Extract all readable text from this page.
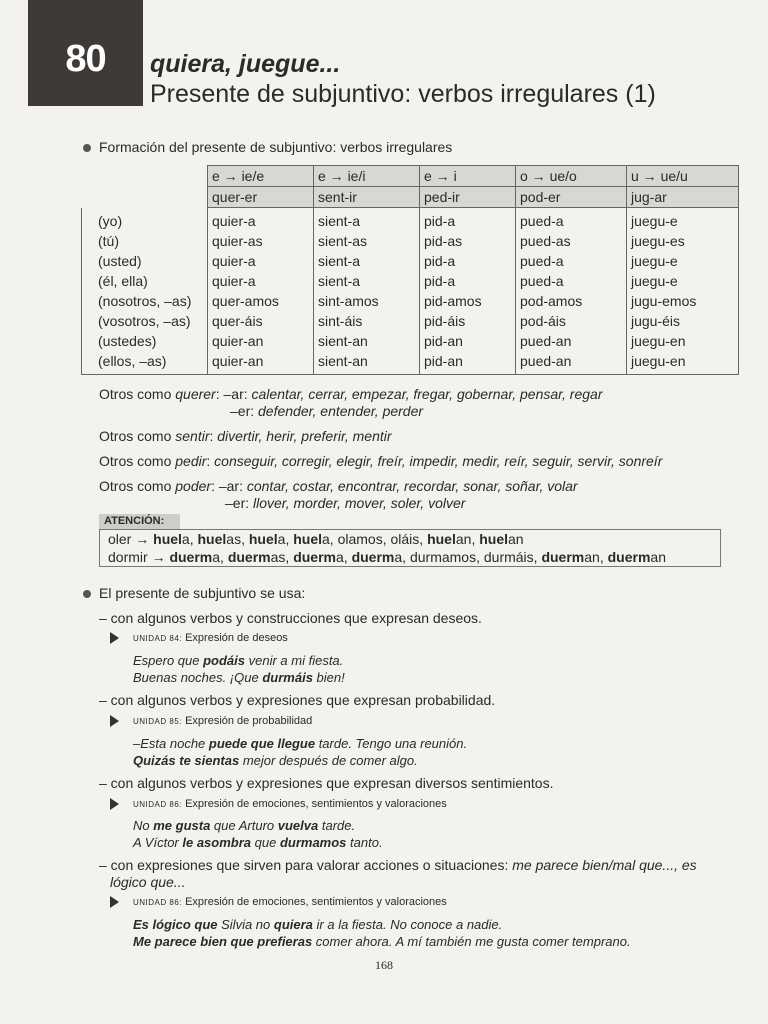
80	quiera, juegue...
Presente de subjuntivo: verbos irregulares (1)
Formación del presente de subjuntivo: verbos irregulares
	e → ie/e	e → ie/i	e → i	o → ue/o	u → ue/u
	quer-er	sent-ir	ped-ir	pod-er	jug-ar
(yo)	quier-a	sient-a	pid-a	pued-a	juegu-e
(tú)	quier-as	sient-as	pid-as	pued-as	juegu-es
(usted)	quier-a	sient-a	pid-a	pued-a	juegu-e
(él, ella)	quier-a	sient-a	pid-a	pued-a	juegu-e
(nosotros, –as)	quer-amos	sint-amos	pid-amos	pod-amos	jugu-emos
(vosotros, –as)	quer-áis	sint-áis	pid-áis	pod-áis	jugu-éis
(ustedes)	quier-an	sient-an	pid-an	pued-an	juegu-en
(ellos, –as)	quier-an	sient-an	pid-an	pued-an	juegu-en
Otros como querer: –ar: calentar, cerrar, empezar, fregar, gobernar, pensar, regar
–er: defender, entender, perder
Otros como sentir: divertir, herir, preferir, mentir
Otros como pedir: conseguir, corregir, elegir, freír, impedir, medir, reír, seguir, servir, sonreír
Otros como poder: –ar: contar, costar, encontrar, recordar, sonar, soñar, volar
–er: llover, morder, mover, soler, volver
ATENCIÓN:
oler → huela, huelas, huela, huela, olamos, oláis, huelan, huelan
dormir → duerma, duermas, duerma, duerma, durmamos, durmáis, duerman, duerman
El presente de subjuntivo se usa:
– con algunos verbos y construcciones que expresan deseos.
UNIDAD 84: Expresión de deseos
Espero que podáis venir a mi fiesta.
Buenas noches. ¡Que durmáis bien!
– con algunos verbos y expresiones que expresan probabilidad.
UNIDAD 85: Expresión de probabilidad
–Esta noche puede que llegue tarde. Tengo una reunión.
Quizás te sientas mejor después de comer algo.
– con algunos verbos y expresiones que expresan diversos sentimientos.
UNIDAD 86: Expresión de emociones, sentimientos y valoraciones
No me gusta que Arturo vuelva tarde.
A Víctor le asombra que durmamos tanto.
– con expresiones que sirven para valorar acciones o situaciones: me parece bien/mal que..., es
lógico que...
UNIDAD 86: Expresión de emociones, sentimientos y valoraciones
Es lógico que Silvia no quiera ir a la fiesta. No conoce a nadie.
Me parece bien que prefieras comer ahora. A mí también me gusta comer temprano.
168
